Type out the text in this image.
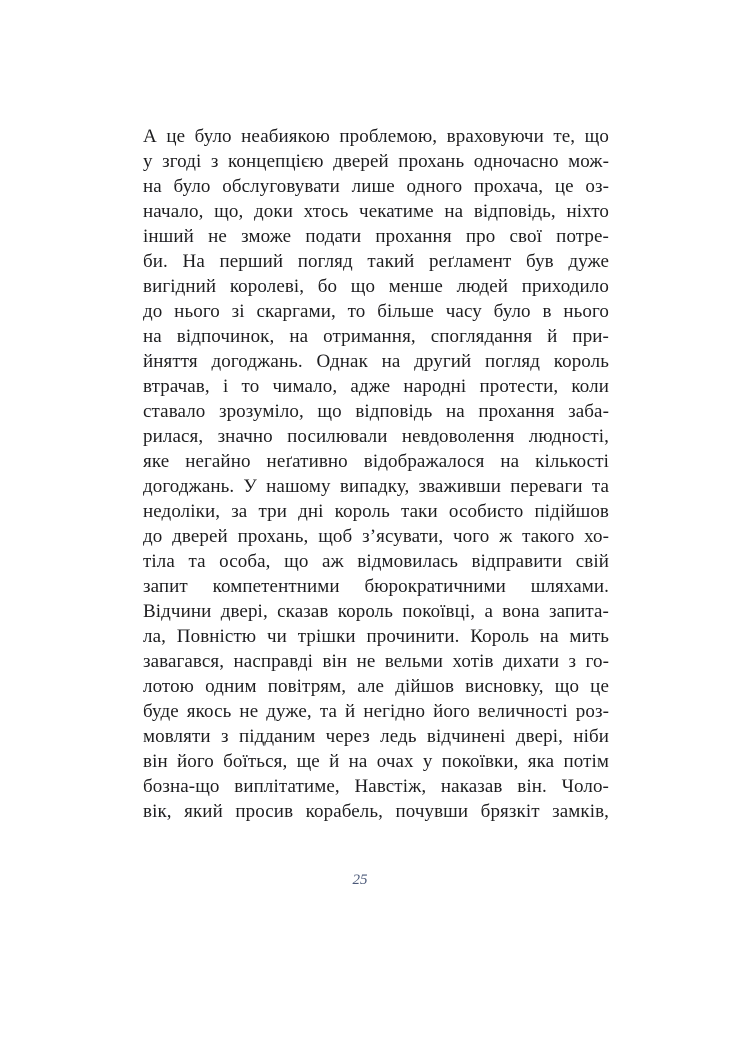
А це було неабиякою проблемою, враховуючи те, що
у згоді з концепцією дверей прохань одночасно мож-
на було обслуговувати лише одного прохача, це оз-
начало, що, доки хтось чекатиме на відповідь, ніхто
інший не зможе подати прохання про свої потре-
би. На перший погляд такий реґламент був дуже
вигідний королеві, бо що менше людей приходило
до нього зі скаргами, то більше часу було в нього
на відпочинок, на отримання, споглядання й при-
йняття догоджань. Однак на другий погляд король
втрачав, і то чимало, адже народні протести, коли
ставало зрозуміло, що відповідь на прохання заба-
рилася, значно посилювали невдоволення людності,
яке негайно неґативно відображалося на кількості
догоджань. У нашому випадку, зваживши переваги та
недоліки, за три дні король таки особисто підійшов
до дверей прохань, щоб з’ясувати, чого ж такого хо-
тіла та особа, що аж відмовилась відправити свій
запит компетентними бюрократичними шляхами.
Відчини двері, сказав король покоївці, а вона запита-
ла, Повністю чи трішки прочинити. Король на мить
завагався, насправді він не вельми хотів дихати з го-
лотою одним повітрям, але дійшов висновку, що це
буде якось не дуже, та й негідно його величності роз-
мовляти з підданим через ледь відчинені двері, ніби
він його боїться, ще й на очах у покоївки, яка потім
бозна-що виплітатиме, Навстіж, наказав він. Чоло-
вік, який просив корабель, почувши брязкіт замків,
25
